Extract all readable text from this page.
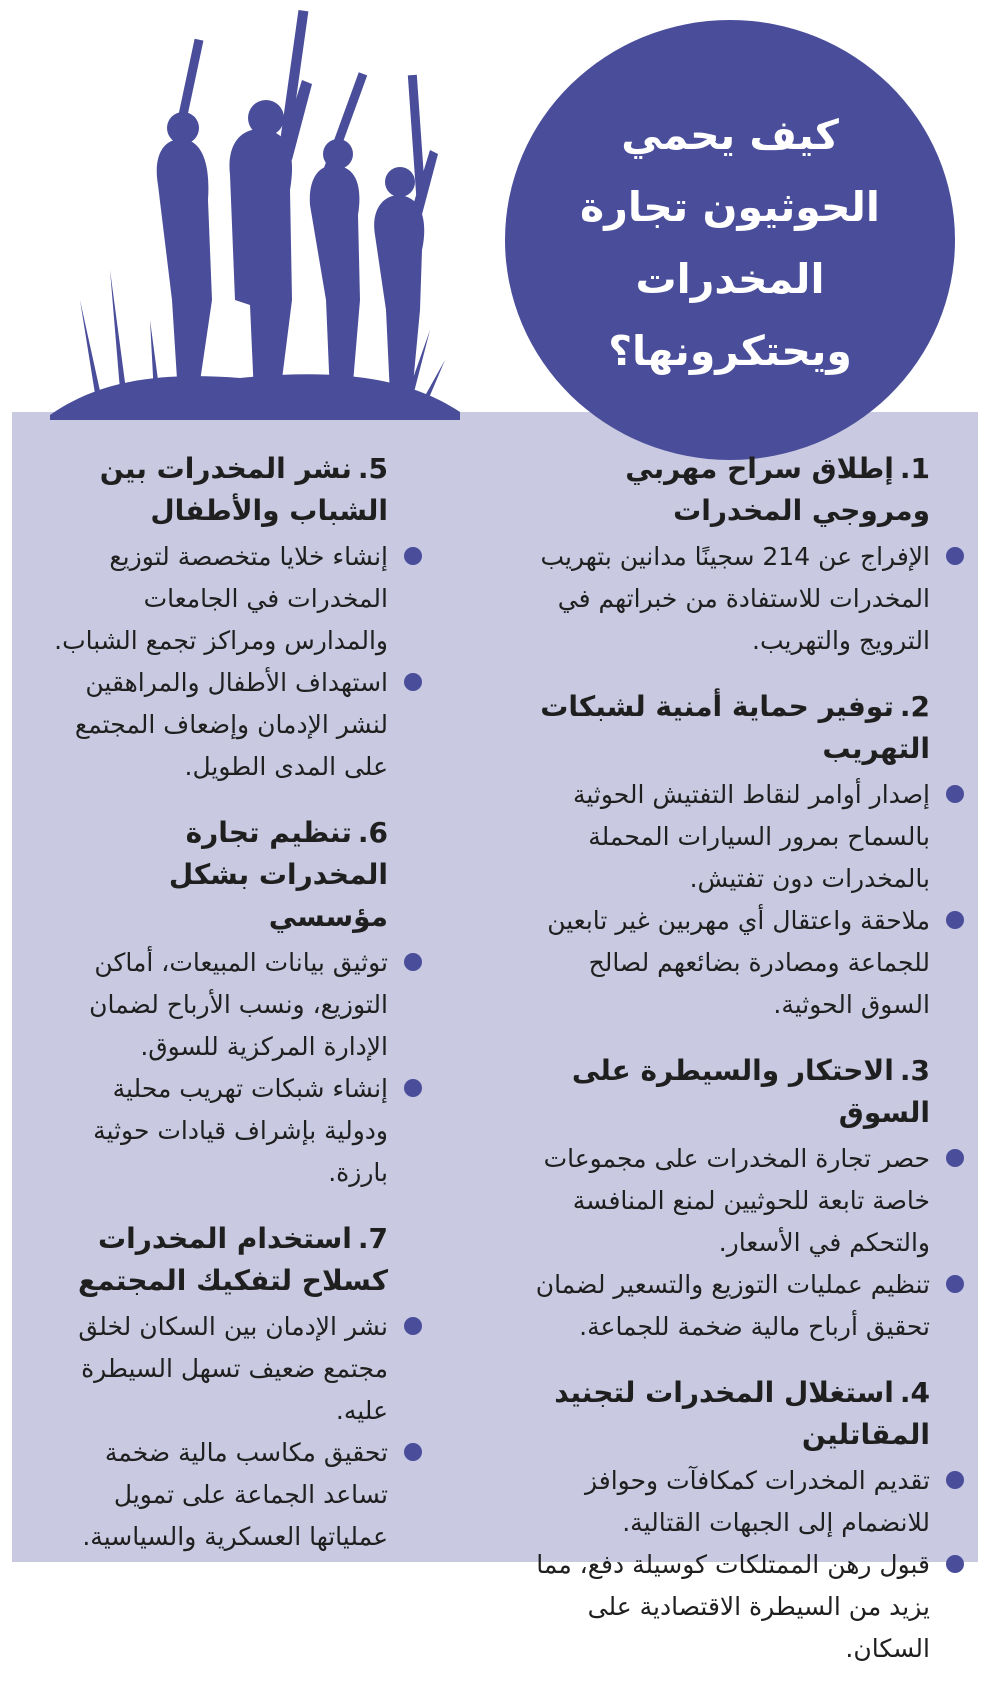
كيف يحمي
الحوثيون تجارة
المخدرات
ويحتكرونها؟
1.إطلاق سراح مهربي ومروجي المخدرات
الإفراج عن 214 سجينًا مدانين بتهريب المخدرات للاستفادة من خبراتهم في الترويج والتهريب.
2.توفير حماية أمنية لشبكات التهريب
إصدار أوامر لنقاط التفتيش الحوثية بالسماح بمرور السيارات المحملة بالمخدرات دون تفتيش.
ملاحقة واعتقال أي مهربين غير تابعين للجماعة ومصادرة بضائعهم لصالح السوق الحوثية.
3.الاحتكار والسيطرة على السوق
حصر تجارة المخدرات على مجموعات خاصة تابعة للحوثيين لمنع المنافسة والتحكم في الأسعار.
تنظيم عمليات التوزيع والتسعير لضمان تحقيق أرباح مالية ضخمة للجماعة.
4.استغلال المخدرات لتجنيد المقاتلين
تقديم المخدرات كمكافآت وحوافز للانضمام إلى الجبهات القتالية.
قبول رهن الممتلكات كوسيلة دفع، مما يزيد من السيطرة الاقتصادية على السكان.
5.نشر المخدرات بين الشباب والأطفال
إنشاء خلايا متخصصة لتوزيع المخدرات في الجامعات والمدارس ومراكز تجمع الشباب.
استهداف الأطفال والمراهقين لنشر الإدمان وإضعاف المجتمع على المدى الطويل.
6.تنظيم تجارة المخدرات بشكل مؤسسي
توثيق بيانات المبيعات، أماكن التوزيع، ونسب الأرباح لضمان الإدارة المركزية للسوق.
إنشاء شبكات تهريب محلية ودولية بإشراف قيادات حوثية بارزة.
7.استخدام المخدرات كسلاح لتفكيك المجتمع
نشر الإدمان بين السكان لخلق مجتمع ضعيف تسهل السيطرة عليه.
تحقيق مكاسب مالية ضخمة تساعد الجماعة على تمويل عملياتها العسكرية والسياسية.
